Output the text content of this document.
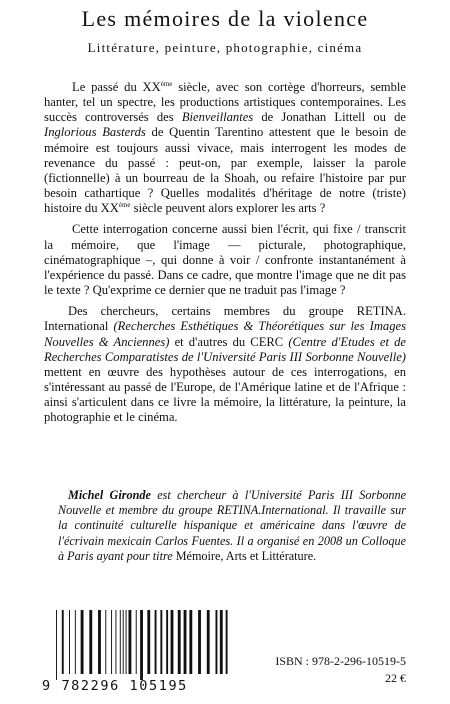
Les mémoires de la violence
Littérature, peinture, photographie, cinéma

Le passé du XXème siècle, avec son cortège d'horreurs, semble hanter, tel un spectre, les productions artistiques contemporaines. Les succès controversés des Bienveillantes de Jonathan Littell ou de Inglorious Basterds de Quentin Tarentino attestent que le besoin de mémoire est toujours aussi vivace, mais interrogent les modes de revenance du passé : peut-on, par exemple, laisser la parole (fictionnelle) à un bourreau de la Shoah, ou refaire l'histoire par pur besoin cathartique ? Quelles modalités d'héritage de notre (triste) histoire du XXème siècle peuvent alors explorer les arts ?

Cette interrogation concerne aussi bien l'écrit, qui fixe / transcrit la mémoire, que l'image — picturale, photographique, cinématographique –, qui donne à voir / confronte instantanément à l'expérience du passé. Dans ce cadre, que montre l'image que ne dit pas le texte ? Qu'exprime ce dernier que ne traduit pas l'image ?

Des chercheurs, certains membres du groupe RETINA. International (Recherches Esthétiques & Théorétiques sur les Images Nouvelles & Anciennes) et d'autres du CERC (Centre d'Etudes et de Recherches Comparatistes de l'Université Paris III Sorbonne Nouvelle) mettent en œuvre des hypothèses autour de ces interrogations, en s'intéressant au passé de l'Europe, de l'Amérique latine et de l'Afrique : ainsi s'articulent dans ce livre la mémoire, la littérature, la peinture, la photographie et le cinéma.

Michel Gironde est chercheur à l'Université Paris III Sorbonne Nouvelle et membre du groupe RETINA.International. Il travaille sur la continuité culturelle hispanique et américaine dans l'œuvre de l'écrivain mexicain Carlos Fuentes. Il a organisé en 2008 un Colloque à Paris ayant pour titre Mémoire, Arts et Littérature.
9 782296 105195
ISBN : 978-2-296-10519-5
22 €
